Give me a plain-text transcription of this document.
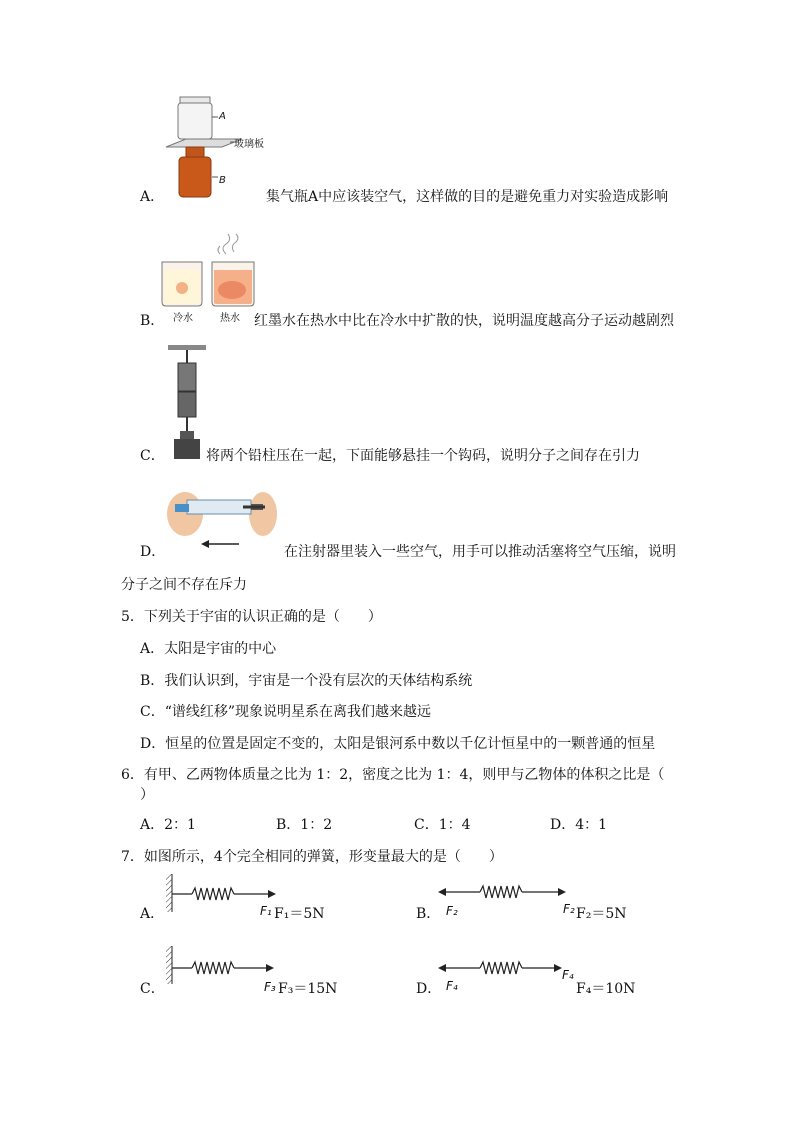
A
玻璃板
B
A．	集气瓶A中应该装空气，这样做的目的是避免重力对实验造成影响
冷水	热水
B．	红墨水在热水中比在冷水中扩散的快，说明温度越高分子运动越剧烈
C．	将两个铅柱压在一起，下面能够悬挂一个钩码，说明分子之间存在引力
D．	在注射器里装入一些空气，用手可以推动活塞将空气压缩，说明
分子之间不存在斥力
5．下列关于宇宙的认识正确的是（　　）
A．太阳是宇宙的中心
B．我们认识到，宇宙是一个没有层次的天体结构系统
C．“谱线红移”现象说明星系在离我们越来越远
D．恒星的位置是固定不变的，太阳是银河系中数以千亿计恒星中的一颗普通的恒星
6．有甲、乙两物体质量之比为 1：2，密度之比为 1：4，则甲与乙物体的体积之比是（
）
A．2：1	B．1：2	C．1：4	D．4：1
7．如图所示，4个完全相同的弹簧，形变量最大的是（　　）
A．	F₁ F₁＝5N	B． F₂	F₂ F₂＝5N
C．	F₃ F₃＝15N	D． F₄
F₄
F₄＝10N
